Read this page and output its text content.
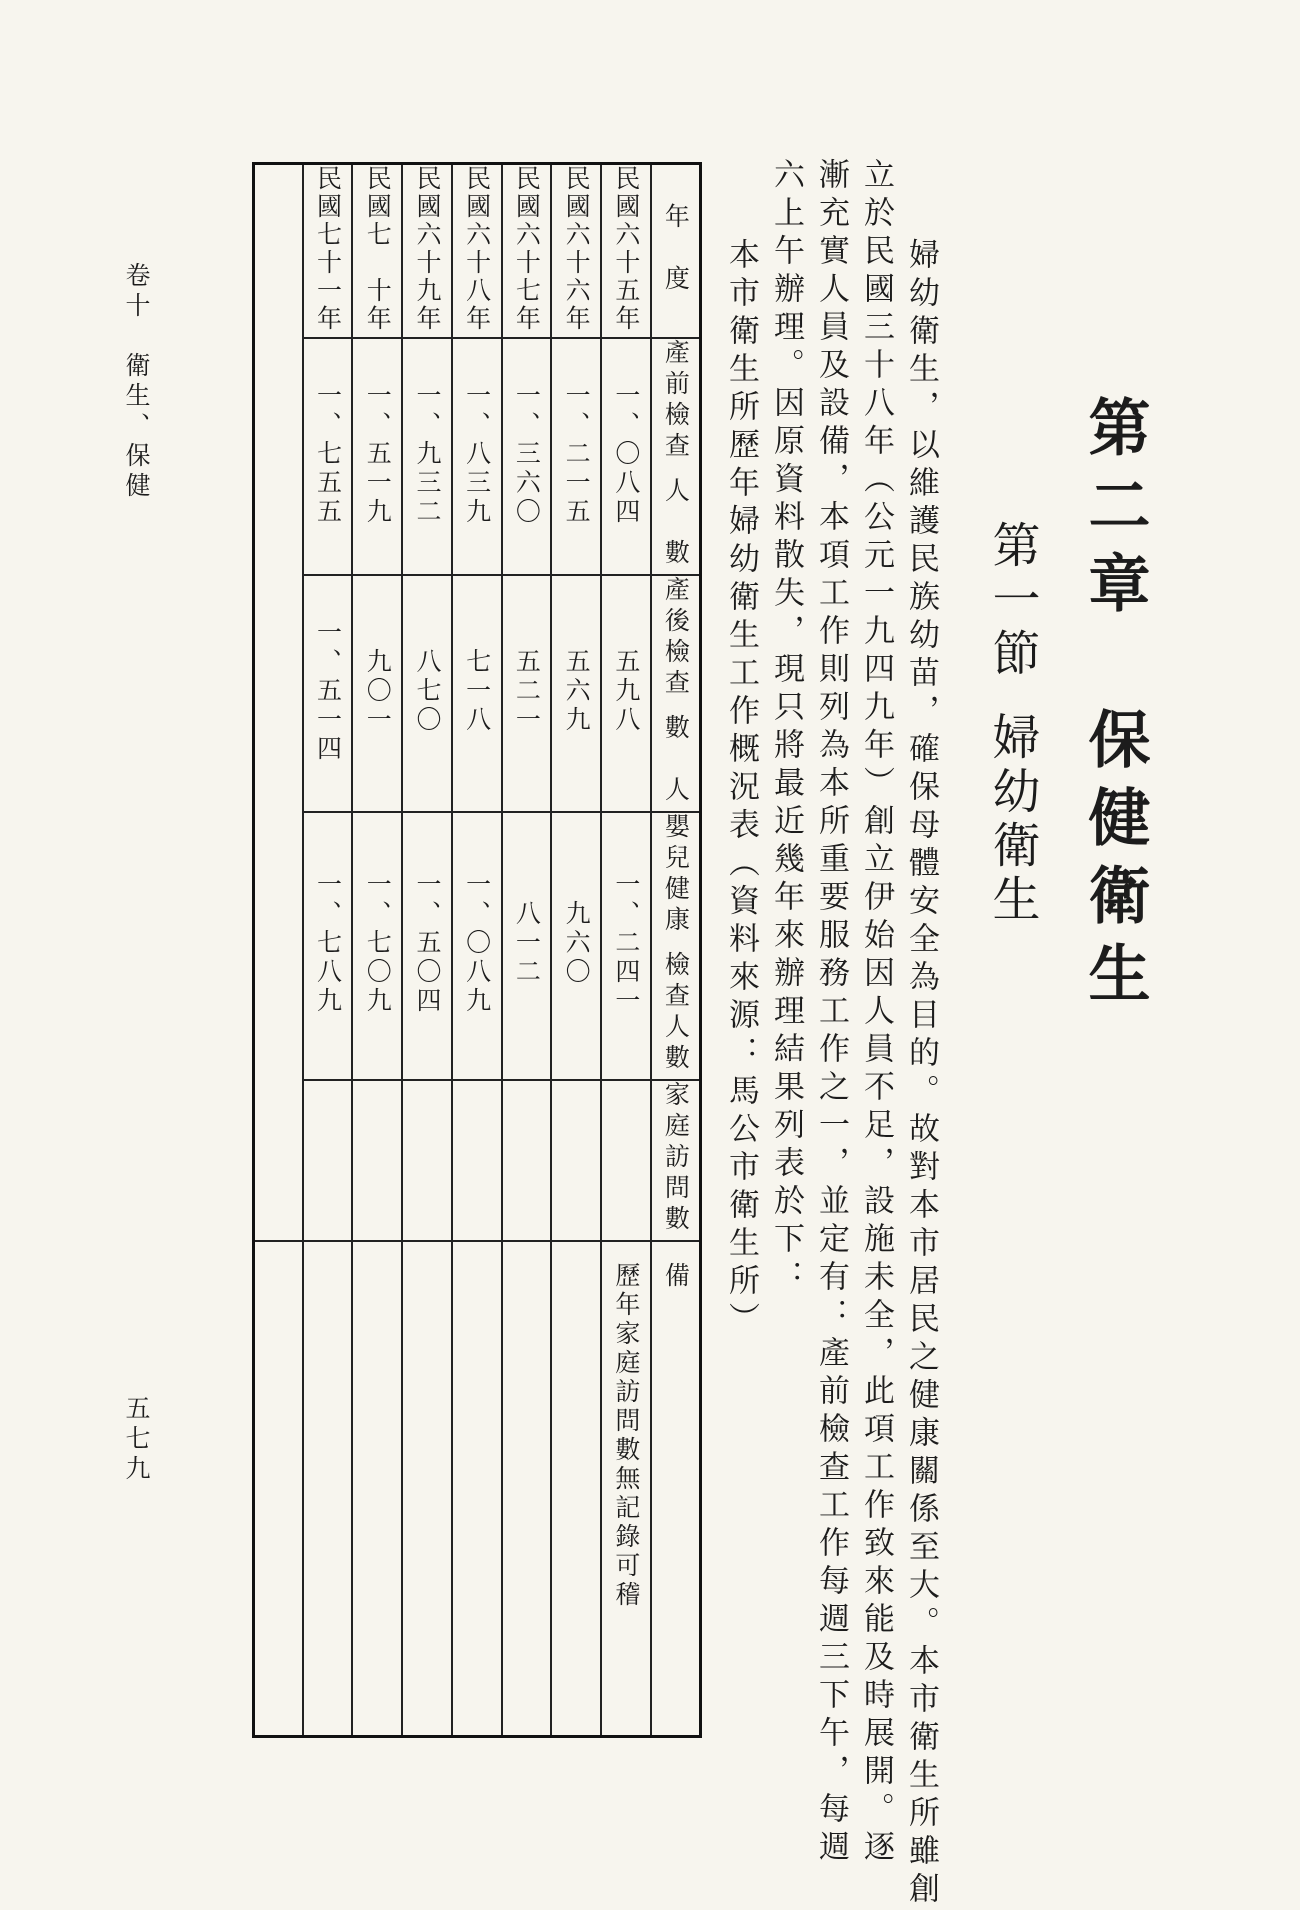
第二章　保健衛生
第一節婦幼衛生
　婦幼衛生，以維護民族幼苗，確保母體安全為目的。故對本市居民之健康關係至大。本市衛生所雖創
立於民國三十八年（公元一九四九年）創立伊始因人員不足，設施未全，此項工作致來能及時展開。逐
漸充實人員及設備，本項工作則列為本所重要服務工作之一，並定有：產前檢查工作每週三下午，每週
六上午辦理。因原資料散失，現只將最近幾年來辦理結果列表於下：
　本市衛生所歷年婦幼衛生工作概況表（資料來源：馬公市衛生所）
年　度	民國六十五年	民國六十六年	民國六十七年	民國六十八年	民國六十九年	民國七　十年	民國七十一年	
產前檢查 人　數	一、〇八四	一、二一五	一、三六〇	一、八三九	一、九三二	一、五一九	一、七五五	
產後檢查 數　人	五九八	五六九	五二一	七一八	八七〇	九〇一	一、五一四	
嬰兒健康 檢查人數	一、二四一	九六〇	八一二	一、〇八九	一、五〇四	一、七〇九	一、七八九	
家庭訪問數								
備	歷年家庭訪問數無記錄可稽							
卷十　衛生、保健
五七九
